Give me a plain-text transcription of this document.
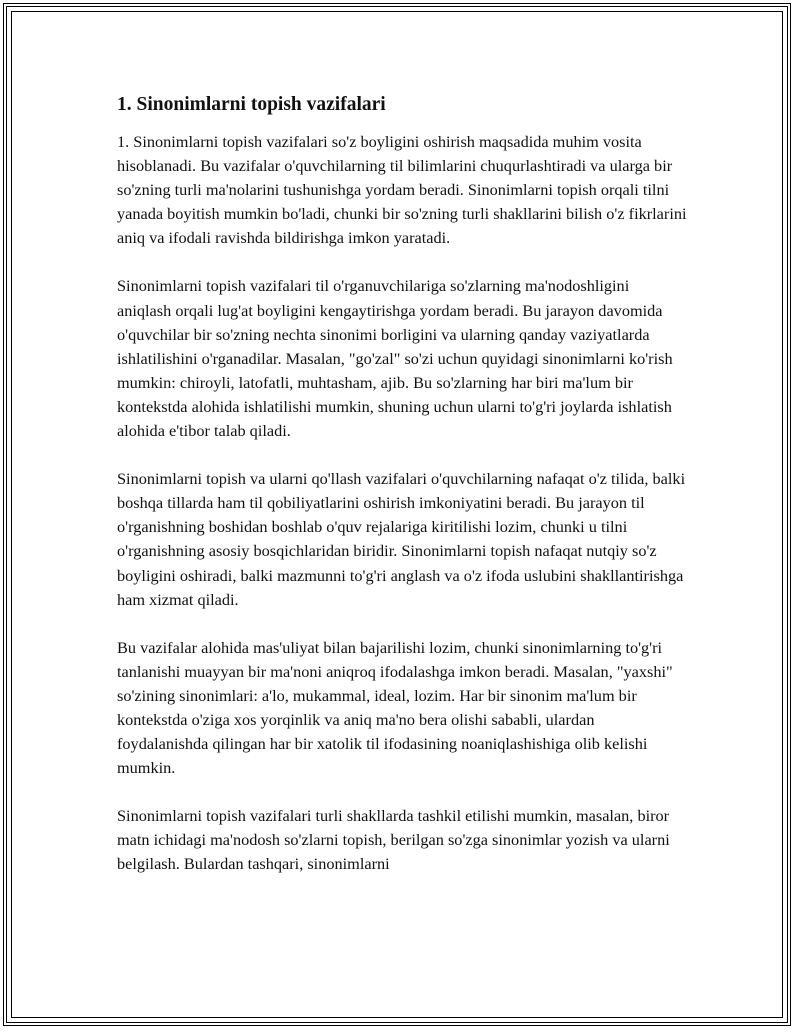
1. Sinonimlarni topish vazifalari

1. Sinonimlarni topish vazifalari so'z boyligini oshirish maqsadida muhim vosita hisoblanadi. Bu vazifalar o'quvchilarning til bilimlarini chuqurlashtiradi va ularga bir so'zning turli ma'nolarini tushunishga yordam beradi. Sinonimlarni topish orqali tilni yanada boyitish mumkin bo'ladi, chunki bir so'zning turli shakllarini bilish o'z fikrlarini aniq va ifodali ravishda bildirishga imkon yaratadi.

Sinonimlarni topish vazifalari til o'rganuvchilariga so'zlarning ma'nodoshligini aniqlash orqali lug'at boyligini kengaytirishga yordam beradi. Bu jarayon davomida o'quvchilar bir so'zning nechta sinonimi borligini va ularning qanday vaziyatlarda ishlatilishini o'rganadilar. Masalan, "go'zal" so'zi uchun quyidagi sinonimlarni ko'rish mumkin: chiroyli, latofatli, muhtasham, ajib. Bu so'zlarning har biri ma'lum bir kontekstda alohida ishlatilishi mumkin, shuning uchun ularni to'g'ri joylarda ishlatish alohida e'tibor talab qiladi.

Sinonimlarni topish va ularni qo'llash vazifalari o'quvchilarning nafaqat o'z tilida, balki boshqa tillarda ham til qobiliyatlarini oshirish imkoniyatini beradi. Bu jarayon til o'rganishning boshidan boshlab o'quv rejalariga kiritilishi lozim, chunki u tilni o'rganishning asosiy bosqichlaridan biridir. Sinonimlarni topish nafaqat nutqiy so'z boyligini oshiradi, balki mazmunni to'g'ri anglash va o'z ifoda uslubini shakllantirishga ham xizmat qiladi.

Bu vazifalar alohida mas'uliyat bilan bajarilishi lozim, chunki sinonimlarning to'g'ri tanlanishi muayyan bir ma'noni aniqroq ifodalashga imkon beradi. Masalan, "yaxshi" so'zining sinonimlari: a'lo, mukammal, ideal, lozim. Har bir sinonim ma'lum bir kontekstda o'ziga xos yorqinlik va aniq ma'no bera olishi sababli, ulardan foydalanishda qilingan har bir xatolik til ifodasining noaniqlashishiga olib kelishi mumkin.

Sinonimlarni topish vazifalari turli shakllarda tashkil etilishi mumkin, masalan, biror matn ichidagi ma'nodosh so'zlarni topish, berilgan so'zga sinonimlar yozish va ularni belgilash. Bulardan tashqari, sinonimlarni
